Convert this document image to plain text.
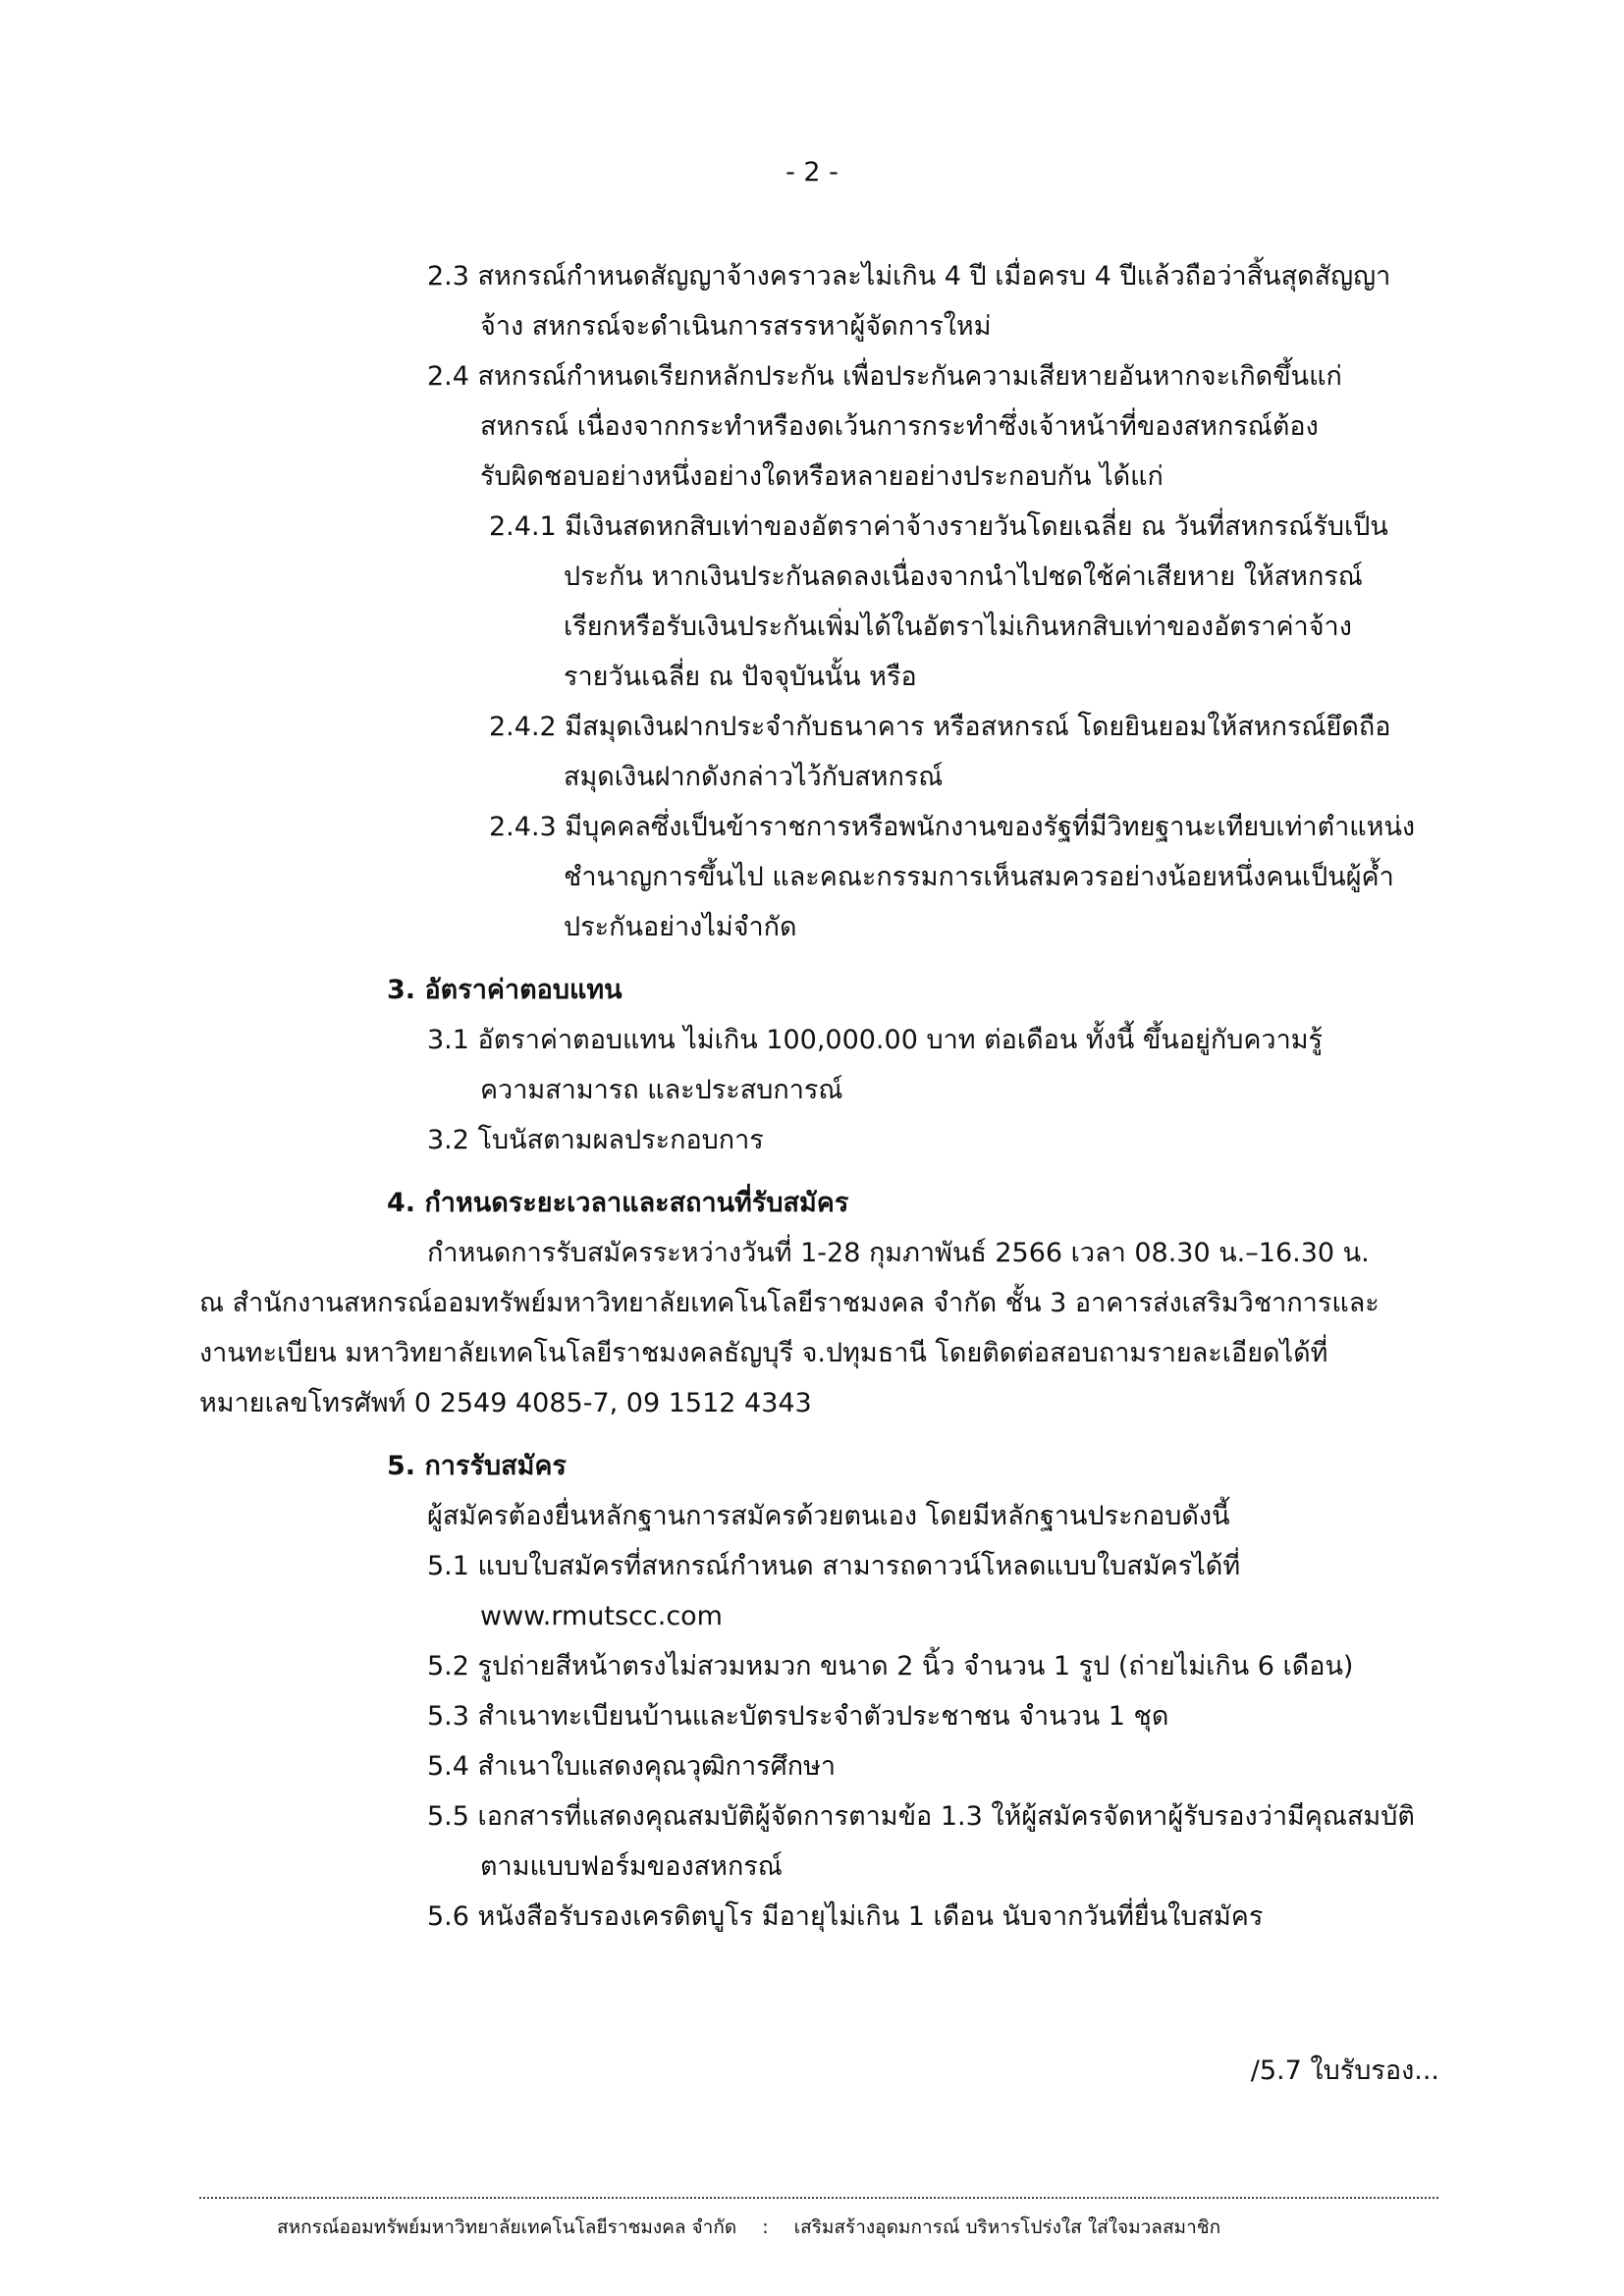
- 2 -
2.3 สหกรณ์กำหนดสัญญาจ้างคราวละไม่เกิน 4 ปี เมื่อครบ 4 ปีแล้วถือว่าสิ้นสุดสัญญา
จ้าง สหกรณ์จะดำเนินการสรรหาผู้จัดการใหม่
2.4 สหกรณ์กำหนดเรียกหลักประกัน เพื่อประกันความเสียหายอันหากจะเกิดขึ้นแก่
สหกรณ์ เนื่องจากกระทำหรืองดเว้นการกระทำซึ่งเจ้าหน้าที่ของสหกรณ์ต้อง
รับผิดชอบอย่างหนึ่งอย่างใดหรือหลายอย่างประกอบกัน ได้แก่
2.4.1 มีเงินสดหกสิบเท่าของอัตราค่าจ้างรายวันโดยเฉลี่ย ณ วันที่สหกรณ์รับเป็น
ประกัน หากเงินประกันลดลงเนื่องจากนำไปชดใช้ค่าเสียหาย ให้สหกรณ์
เรียกหรือรับเงินประกันเพิ่มได้ในอัตราไม่เกินหกสิบเท่าของอัตราค่าจ้าง
รายวันเฉลี่ย ณ ปัจจุบันนั้น หรือ
2.4.2 มีสมุดเงินฝากประจำกับธนาคาร หรือสหกรณ์ โดยยินยอมให้สหกรณ์ยึดถือ
สมุดเงินฝากดังกล่าวไว้กับสหกรณ์
2.4.3 มีบุคคลซึ่งเป็นข้าราชการหรือพนักงานของรัฐที่มีวิทยฐานะเทียบเท่าตำแหน่ง
ชำนาญการขึ้นไป และคณะกรรมการเห็นสมควรอย่างน้อยหนึ่งคนเป็นผู้ค้ำ
ประกันอย่างไม่จำกัด
3. อัตราค่าตอบแทน
3.1 อัตราค่าตอบแทน ไม่เกิน 100,000.00 บาท ต่อเดือน ทั้งนี้ ขึ้นอยู่กับความรู้
ความสามารถ และประสบการณ์
3.2 โบนัสตามผลประกอบการ
4. กำหนดระยะเวลาและสถานที่รับสมัคร
กำหนดการรับสมัครระหว่างวันที่ 1-28 กุมภาพันธ์ 2566 เวลา 08.30 น.–16.30 น.
ณ สำนักงานสหกรณ์ออมทรัพย์มหาวิทยาลัยเทคโนโลยีราชมงคล จำกัด ชั้น 3 อาคารส่งเสริมวิชาการและ
งานทะเบียน มหาวิทยาลัยเทคโนโลยีราชมงคลธัญบุรี จ.ปทุมธานี โดยติดต่อสอบถามรายละเอียดได้ที่
หมายเลขโทรศัพท์ 0 2549 4085-7, 09 1512 4343
5. การรับสมัคร
ผู้สมัครต้องยื่นหลักฐานการสมัครด้วยตนเอง โดยมีหลักฐานประกอบดังนี้
5.1 แบบใบสมัครที่สหกรณ์กำหนด สามารถดาวน์โหลดแบบใบสมัครได้ที่
www.rmutscc.com
5.2 รูปถ่ายสีหน้าตรงไม่สวมหมวก ขนาด 2 นิ้ว จำนวน 1 รูป (ถ่ายไม่เกิน 6 เดือน)
5.3 สำเนาทะเบียนบ้านและบัตรประจำตัวประชาชน จำนวน 1 ชุด
5.4 สำเนาใบแสดงคุณวุฒิการศึกษา
5.5 เอกสารที่แสดงคุณสมบัติผู้จัดการตามข้อ 1.3 ให้ผู้สมัครจัดหาผู้รับรองว่ามีคุณสมบัติ
ตามแบบฟอร์มของสหกรณ์
5.6 หนังสือรับรองเครดิตบูโร มีอายุไม่เกิน 1 เดือน นับจากวันที่ยื่นใบสมัคร
/5.7 ใบรับรอง...
สหกรณ์ออมทรัพย์มหาวิทยาลัยเทคโนโลยีราชมงคล จำกัด : เสริมสร้างอุดมการณ์ บริหารโปร่งใส ใส่ใจมวลสมาชิก
